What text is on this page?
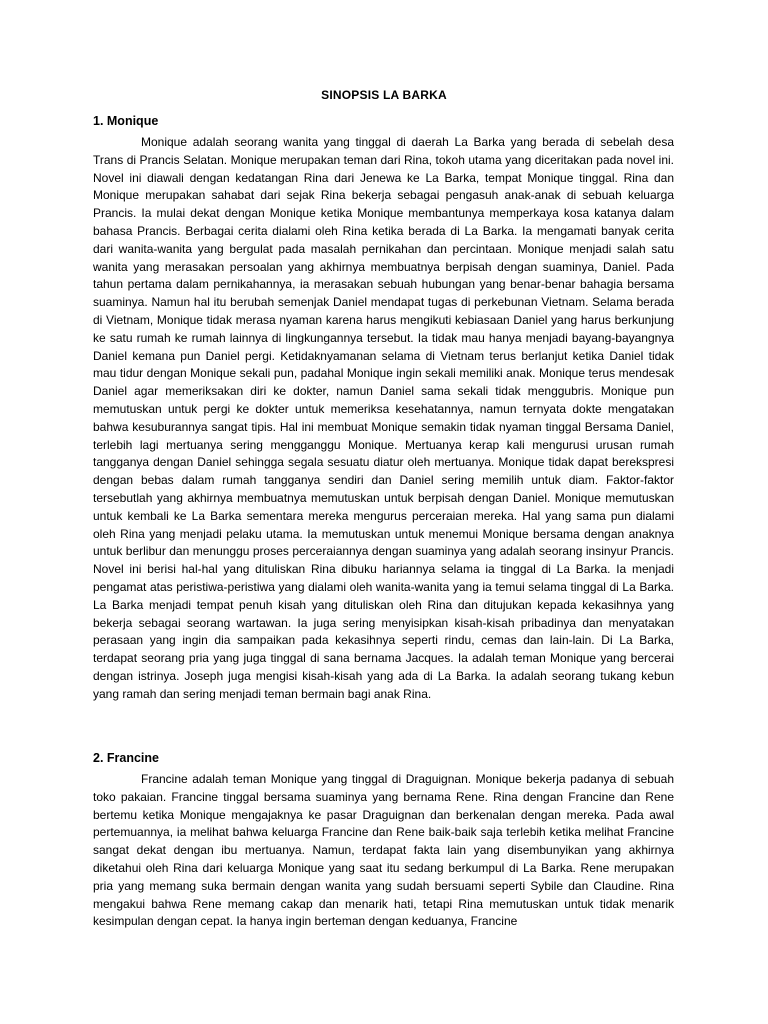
SINOPSIS LA BARKA
1. Monique

Monique adalah seorang wanita yang tinggal di daerah La Barka yang berada di sebelah desa Trans di Prancis Selatan. Monique merupakan teman dari Rina, tokoh utama yang diceritakan pada novel ini. Novel ini diawali dengan kedatangan Rina dari Jenewa ke La Barka, tempat Monique tinggal. Rina dan Monique merupakan sahabat dari sejak Rina bekerja sebagai pengasuh anak-anak di sebuah keluarga Prancis. Ia mulai dekat dengan Monique ketika Monique membantunya memperkaya kosa katanya dalam bahasa Prancis. Berbagai cerita dialami oleh Rina ketika berada di La Barka. Ia mengamati banyak cerita dari wanita-wanita yang bergulat pada masalah pernikahan dan percintaan. Monique menjadi salah satu wanita yang merasakan persoalan yang akhirnya membuatnya berpisah dengan suaminya, Daniel. Pada tahun pertama dalam pernikahannya, ia merasakan sebuah hubungan yang benar-benar bahagia bersama suaminya. Namun hal itu berubah semenjak Daniel mendapat tugas di perkebunan Vietnam. Selama berada di Vietnam, Monique tidak merasa nyaman karena harus mengikuti kebiasaan Daniel yang harus berkunjung ke satu rumah ke rumah lainnya di lingkungannya tersebut. Ia tidak mau hanya menjadi bayang-bayangnya Daniel kemana pun Daniel pergi. Ketidaknyamanan selama di Vietnam terus berlanjut ketika Daniel tidak mau tidur dengan Monique sekali pun, padahal Monique ingin sekali memiliki anak. Monique terus mendesak Daniel agar memeriksakan diri ke dokter, namun Daniel sama sekali tidak menggubris. Monique pun memutuskan untuk pergi ke dokter untuk memeriksa kesehatannya, namun ternyata dokte mengatakan bahwa kesuburannya sangat tipis. Hal ini membuat Monique semakin tidak nyaman tinggal Bersama Daniel, terlebih lagi mertuanya sering mengganggu Monique. Mertuanya kerap kali mengurusi urusan rumah tangganya dengan Daniel sehingga segala sesuatu diatur oleh mertuanya. Monique tidak dapat berekspresi dengan bebas dalam rumah tangganya sendiri dan Daniel sering memilih untuk diam. Faktor-faktor tersebutlah yang akhirnya membuatnya memutuskan untuk berpisah dengan Daniel. Monique memutuskan untuk kembali ke La Barka sementara mereka mengurus perceraian mereka. Hal yang sama pun dialami oleh Rina yang menjadi pelaku utama. Ia memutuskan untuk menemui Monique bersama dengan anaknya untuk berlibur dan menunggu proses perceraiannya dengan suaminya yang adalah seorang insinyur Prancis. Novel ini berisi hal-hal yang dituliskan Rina dibuku hariannya selama ia tinggal di La Barka. Ia menjadi pengamat atas peristiwa-peristiwa yang dialami oleh wanita-wanita yang ia temui selama tinggal di La Barka. La Barka menjadi tempat penuh kisah yang dituliskan oleh Rina dan ditujukan kepada kekasihnya yang bekerja sebagai seorang wartawan. Ia juga sering menyisipkan kisah-kisah pribadinya dan menyatakan perasaan yang ingin dia sampaikan pada kekasihnya seperti rindu, cemas dan lain-lain. Di La Barka, terdapat seorang pria yang juga tinggal di sana bernama Jacques. Ia adalah teman Monique yang bercerai dengan istrinya. Joseph juga mengisi kisah-kisah yang ada di La Barka. Ia adalah seorang tukang kebun yang ramah dan sering menjadi teman bermain bagi anak Rina.

2. Francine

Francine adalah teman Monique yang tinggal di Draguignan. Monique bekerja padanya di sebuah toko pakaian. Francine tinggal bersama suaminya yang bernama Rene. Rina dengan Francine dan Rene bertemu ketika Monique mengajaknya ke pasar Draguignan dan berkenalan dengan mereka. Pada awal pertemuannya, ia melihat bahwa keluarga Francine dan Rene baik-baik saja terlebih ketika melihat Francine sangat dekat dengan ibu mertuanya. Namun, terdapat fakta lain yang disembunyikan yang akhirnya diketahui oleh Rina dari keluarga Monique yang saat itu sedang berkumpul di La Barka. Rene merupakan pria yang memang suka bermain dengan wanita yang sudah bersuami seperti Sybile dan Claudine. Rina mengakui bahwa Rene memang cakap dan menarik hati, tetapi Rina memutuskan untuk tidak menarik kesimpulan dengan cepat. Ia hanya ingin berteman dengan keduanya, Francine
